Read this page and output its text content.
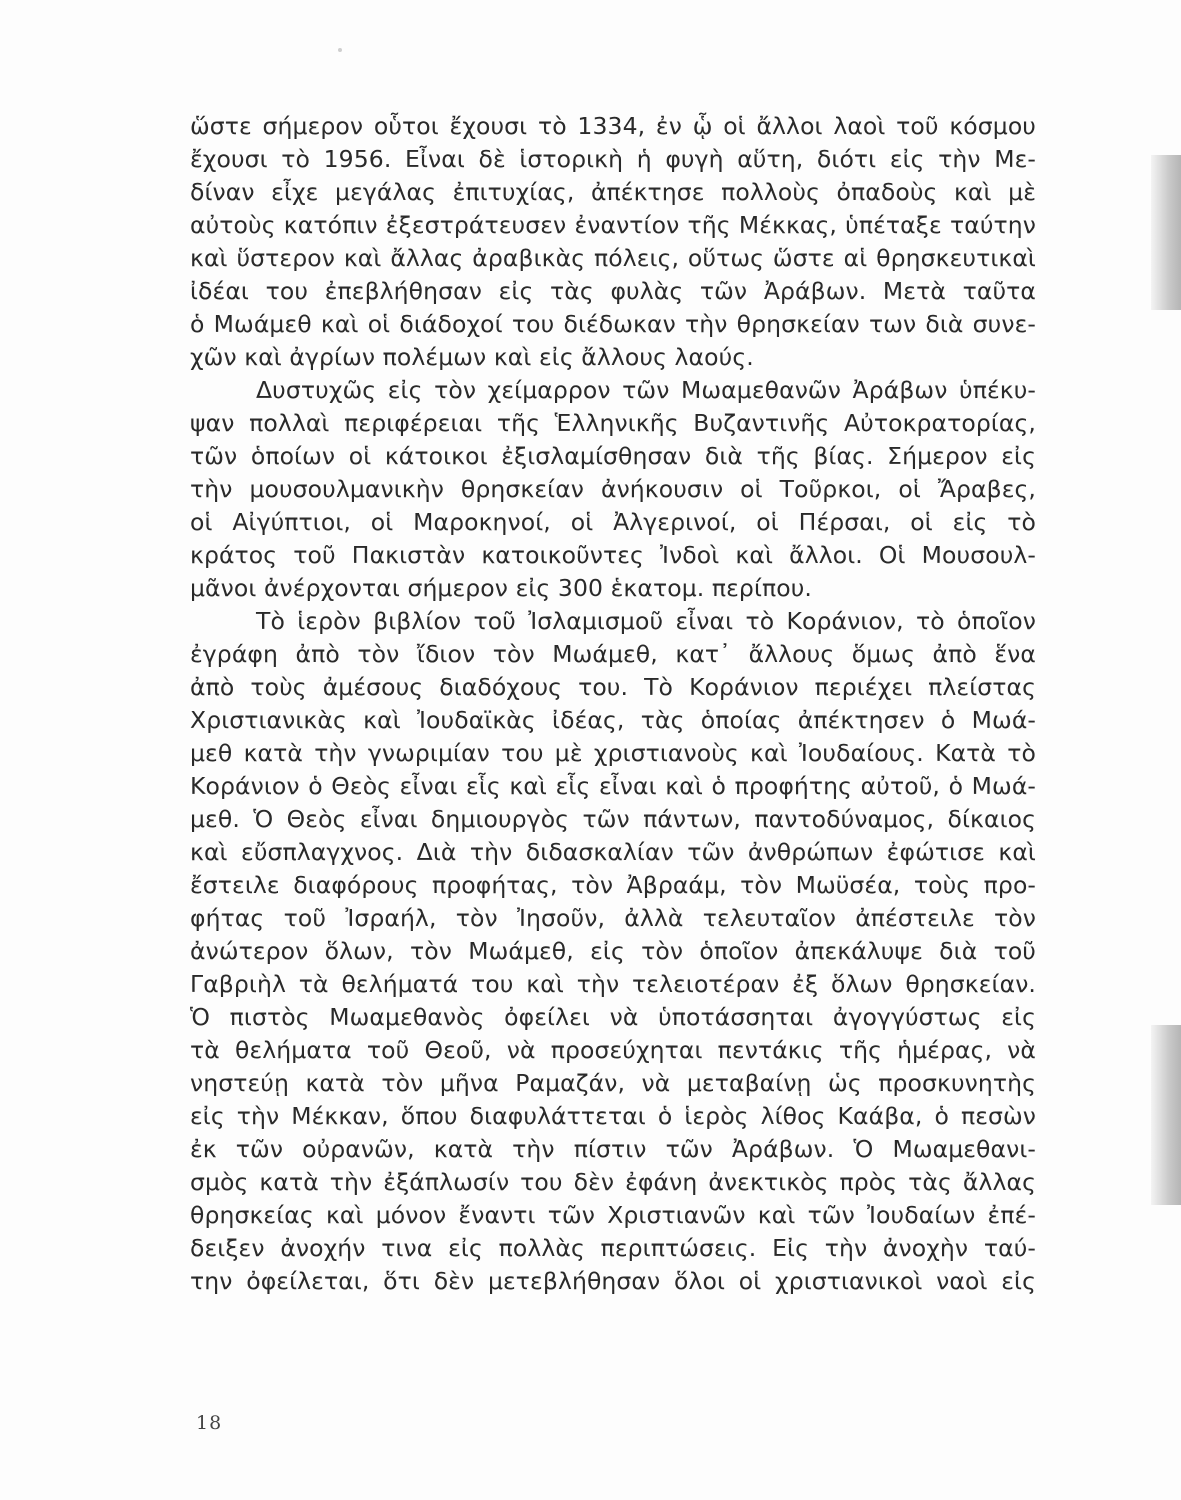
ὥστε σήμερον οὗτοι ἔχουσι τὸ 1334, ἐν ᾧ οἱ ἄλλοι λαοὶ τοῦ κόσμου
ἔχουσι τὸ 1956. Εἶναι δὲ ἱστορικὴ ἡ φυγὴ αὕτη, διότι εἰς τὴν Με-
δίναν εἶχε μεγάλας ἐπιτυχίας, ἀπέκτησε πολλοὺς ὀπαδοὺς καὶ μὲ
αὐτοὺς κατόπιν ἐξεστράτευσεν ἐναντίον τῆς Μέκκας, ὑπέταξε ταύτην
καὶ ὕστερον καὶ ἄλλας ἀραβικὰς πόλεις, οὕτως ὥστε αἱ θρησκευτικαὶ
ἰδέαι του ἐπεβλήθησαν εἰς τὰς φυλὰς τῶν Ἀράβων. Μετὰ ταῦτα
ὁ Μωάμεθ καὶ οἱ διάδοχοί του διέδωκαν τὴν θρησκείαν των διὰ συνε-
χῶν καὶ ἀγρίων πολέμων καὶ εἰς ἄλλους λαούς.
Δυστυχῶς εἰς τὸν χείμαρρον τῶν Μωαμεθανῶν Ἀράβων ὑπέκυ-
ψαν πολλαὶ περιφέρειαι τῆς Ἑλληνικῆς Βυζαντινῆς Αὐτοκρατορίας,
τῶν ὁποίων οἱ κάτοικοι ἐξισλαμίσθησαν διὰ τῆς βίας. Σήμερον εἰς
τὴν μουσουλμανικὴν θρησκείαν ἀνήκουσιν οἱ Τοῦρκοι, οἱ Ἄραβες,
οἱ Αἰγύπτιοι, οἱ Μαροκηνοί, οἱ Ἀλγερινοί, οἱ Πέρσαι, οἱ εἰς τὸ
κράτος τοῦ Πακιστὰν κατοικοῦντες Ἰνδοὶ καὶ ἄλλοι. Οἱ Μουσουλ-
μᾶνοι ἀνέρχονται σήμερον εἰς 300 ἑκατομ. περίπου.
Τὸ ἱερὸν βιβλίον τοῦ Ἰσλαμισμοῦ εἶναι τὸ Κοράνιον, τὸ ὁποῖον
ἐγράφη ἀπὸ τὸν ἴδιον τὸν Μωάμεθ, κατ᾿ ἄλλους ὅμως ἀπὸ ἕνα
ἀπὸ τοὺς ἀμέσους διαδόχους του. Τὸ Κοράνιον περιέχει πλείστας
Χριστιανικὰς καὶ Ἰουδαϊκὰς ἰδέας, τὰς ὁποίας ἀπέκτησεν ὁ Μωά-
μεθ κατὰ τὴν γνωριμίαν του μὲ χριστιανοὺς καὶ Ἰουδαίους. Κατὰ τὸ
Κοράνιον ὁ Θεὸς εἶναι εἷς καὶ εἷς εἶναι καὶ ὁ προφήτης αὐτοῦ, ὁ Μωά-
μεθ. Ὁ Θεὸς εἶναι δημιουργὸς τῶν πάντων, παντοδύναμος, δίκαιος
καὶ εὔσπλαγχνος. Διὰ τὴν διδασκαλίαν τῶν ἀνθρώπων ἐφώτισε καὶ
ἔστειλε διαφόρους προφήτας, τὸν Ἀβραάμ, τὸν Μωϋσέα, τοὺς προ-
φήτας τοῦ Ἰσραήλ, τὸν Ἰησοῦν, ἀλλὰ τελευταῖον ἀπέστειλε τὸν
ἀνώτερον ὅλων, τὸν Μωάμεθ, εἰς τὸν ὁποῖον ἀπεκάλυψε διὰ τοῦ
Γαβριὴλ τὰ θελήματά του καὶ τὴν τελειοτέραν ἐξ ὅλων θρησκείαν.
Ὁ πιστὸς Μωαμεθανὸς ὀφείλει νὰ ὑποτάσσηται ἀγογγύστως εἰς
τὰ θελήματα τοῦ Θεοῦ, νὰ προσεύχηται πεντάκις τῆς ἡμέρας, νὰ
νηστεύῃ κατὰ τὸν μῆνα Ραμαζάν, νὰ μεταβαίνῃ ὡς προσκυνητὴς
εἰς τὴν Μέκκαν, ὅπου διαφυλάττεται ὁ ἱερὸς λίθος Καάβα, ὁ πεσὼν
ἐκ τῶν οὐρανῶν, κατὰ τὴν πίστιν τῶν Ἀράβων. Ὁ Μωαμεθανι-
σμὸς κατὰ τὴν ἐξάπλωσίν του δὲν ἐφάνη ἀνεκτικὸς πρὸς τὰς ἄλλας
θρησκείας καὶ μόνον ἔναντι τῶν Χριστιανῶν καὶ τῶν Ἰουδαίων ἐπέ-
δειξεν ἀνοχήν τινα εἰς πολλὰς περιπτώσεις. Εἰς τὴν ἀνοχὴν ταύ-
την ὀφείλεται, ὅτι δὲν μετεβλήθησαν ὅλοι οἱ χριστιανικοὶ ναοὶ εἰς
18
